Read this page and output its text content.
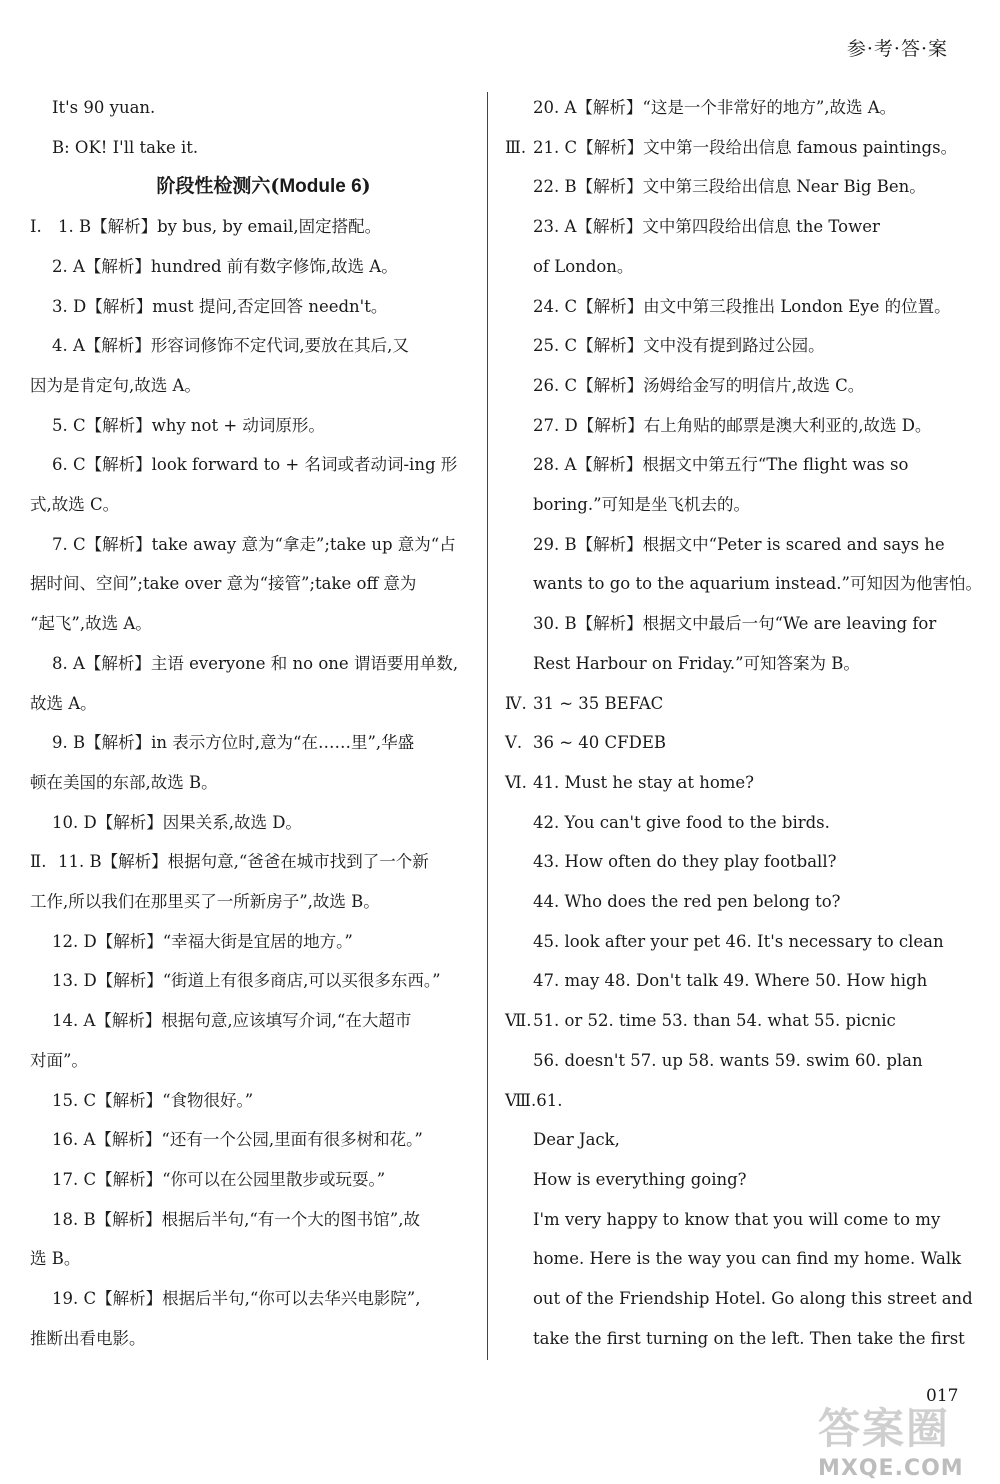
参·考·答·案
It's 90 yuan.
B: OK! I'll take it.
阶段性检测六(Module 6)
Ⅰ. 1. B【解析】by bus, by email,固定搭配。
2. A【解析】hundred 前有数字修饰,故选 A。
3. D【解析】must 提问,否定回答 needn't。
4. A【解析】形容词修饰不定代词,要放在其后,又
因为是肯定句,故选 A。
5. C【解析】why not + 动词原形。
6. C【解析】look forward to + 名词或者动词-ing 形
式,故选 C。
7. C【解析】take away 意为“拿走”;take up 意为“占
据时间、空间”;take over 意为“接管”;take off 意为
“起飞”,故选 A。
8. A【解析】主语 everyone 和 no one 谓语要用单数,
故选 A。
9. B【解析】in 表示方位时,意为“在……里”,华盛
顿在美国的东部,故选 B。
10. D【解析】因果关系,故选 D。
Ⅱ. 11. B【解析】根据句意,“爸爸在城市找到了一个新
工作,所以我们在那里买了一所新房子”,故选 B。
12. D【解析】“幸福大街是宜居的地方。”
13. D【解析】“街道上有很多商店,可以买很多东西。”
14. A【解析】根据句意,应该填写介词,“在大超市
对面”。
15. C【解析】“食物很好。”
16. A【解析】“还有一个公园,里面有很多树和花。”
17. C【解析】“你可以在公园里散步或玩耍。”
18. B【解析】根据后半句,“有一个大的图书馆”,故
选 B。
19. C【解析】根据后半句,“你可以去华兴电影院”,
推断出看电影。
20. A【解析】“这是一个非常好的地方”,故选 A。
Ⅲ. 21. C【解析】文中第一段给出信息 famous paintings。
22. B【解析】文中第三段给出信息 Near Big Ben。
23. A【解析】文中第四段给出信息 the Tower
of London。
24. C【解析】由文中第三段推出 London Eye 的位置。
25. C【解析】文中没有提到路过公园。
26. C【解析】汤姆给金写的明信片,故选 C。
27. D【解析】右上角贴的邮票是澳大利亚的,故选 D。
28. A【解析】根据文中第五行“The flight was so
boring.”可知是坐飞机去的。
29. B【解析】根据文中“Peter is scared and says he
wants to go to the aquarium instead.”可知因为他害怕。
30. B【解析】根据文中最后一句“We are leaving for
Rest Harbour on Friday.”可知答案为 B。
Ⅳ. 31 ~ 35 BEFAC
Ⅴ. 36 ~ 40 CFDEB
Ⅵ. 41. Must he stay at home?
42. You can't give food to the birds.
43. How often do they play football?
44. Who does the red pen belong to?
45. look after your pet 46. It's necessary to clean
47. may 48. Don't talk 49. Where 50. How high
Ⅶ.51. or 52. time 53. than 54. what 55. picnic
56. doesn't 57. up 58. wants 59. swim 60. plan
Ⅷ.61.
Dear Jack,
How is everything going?
I'm very happy to know that you will come to my
home. Here is the way you can find my home. Walk
out of the Friendship Hotel. Go along this street and
take the first turning on the left. Then take the first
017
答案圈
MXQE.COM
